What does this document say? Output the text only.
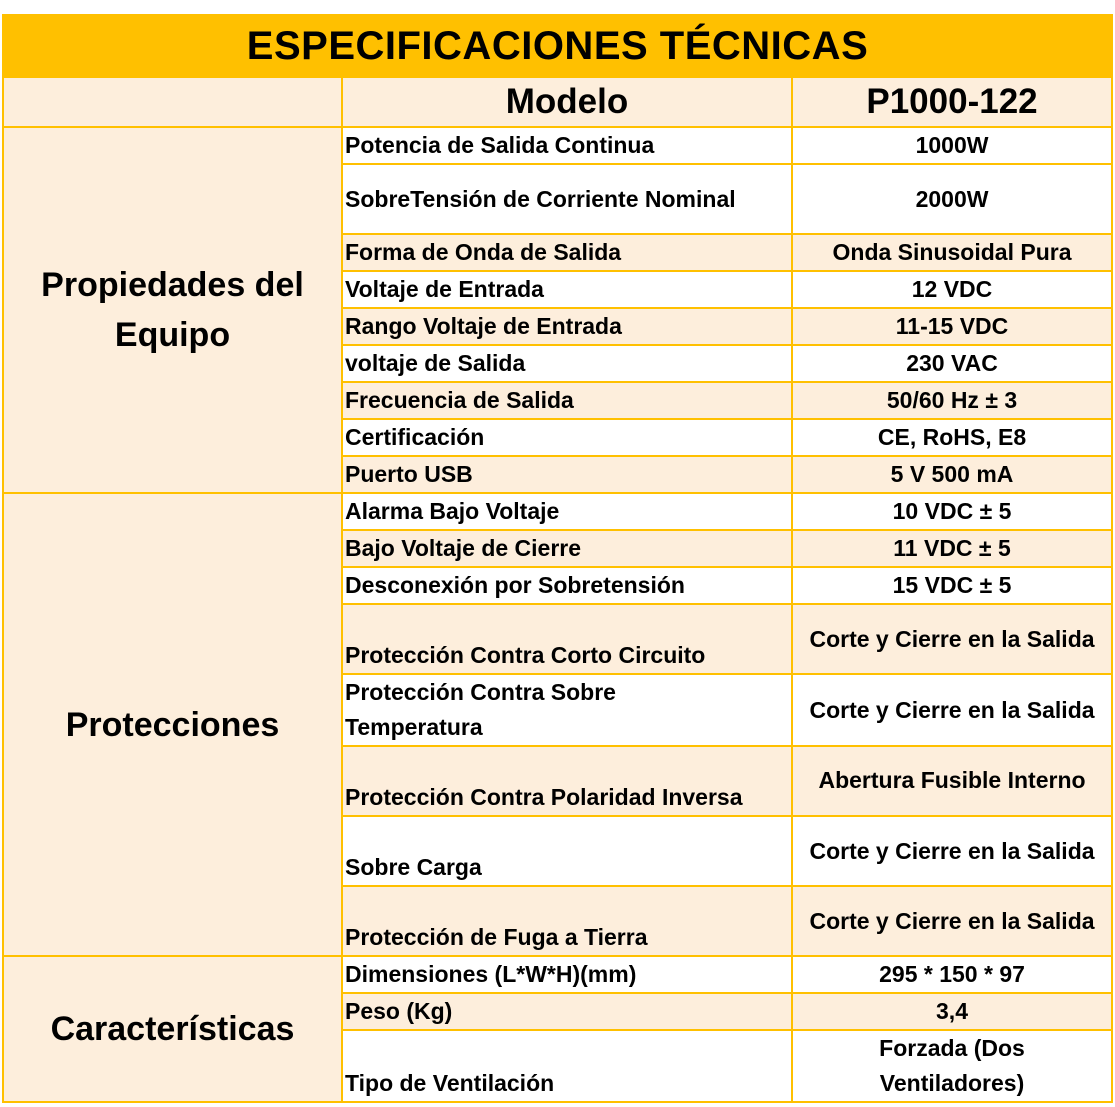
ESPECIFICACIONES TÉCNICAS		
	Modelo	P1000-122
Propiedades del Equipo	Potencia de Salida Continua	1000W
	SobreTensión de Corriente Nominal	2000W
	Forma de Onda de Salida	Onda Sinusoidal Pura
	Voltaje de Entrada	12 VDC
	Rango Voltaje de Entrada	11-15 VDC
	voltaje de Salida	230 VAC
	Frecuencia de Salida	50/60 Hz ± 3
	Certificación	CE, RoHS, E8
	Puerto USB	5 V 500 mA
Protecciones	Alarma Bajo Voltaje	10 VDC ± 5
	Bajo Voltaje de Cierre	11 VDC ± 5
	Desconexión por Sobretensión	15 VDC ± 5
	Protección Contra Corto Circuito	Corte y Cierre en la Salida
	Protección Contra Sobre Temperatura	Corte y Cierre en la Salida
	Protección Contra Polaridad Inversa	Abertura Fusible Interno
	Sobre Carga	Corte y Cierre en la Salida
	Protección de Fuga a Tierra	Corte y Cierre en la Salida
Características	Dimensiones (L*W*H)(mm)	295 * 150 * 97
	Peso (Kg)	3,4
	Tipo de Ventilación	Forzada (Dos Ventiladores)
